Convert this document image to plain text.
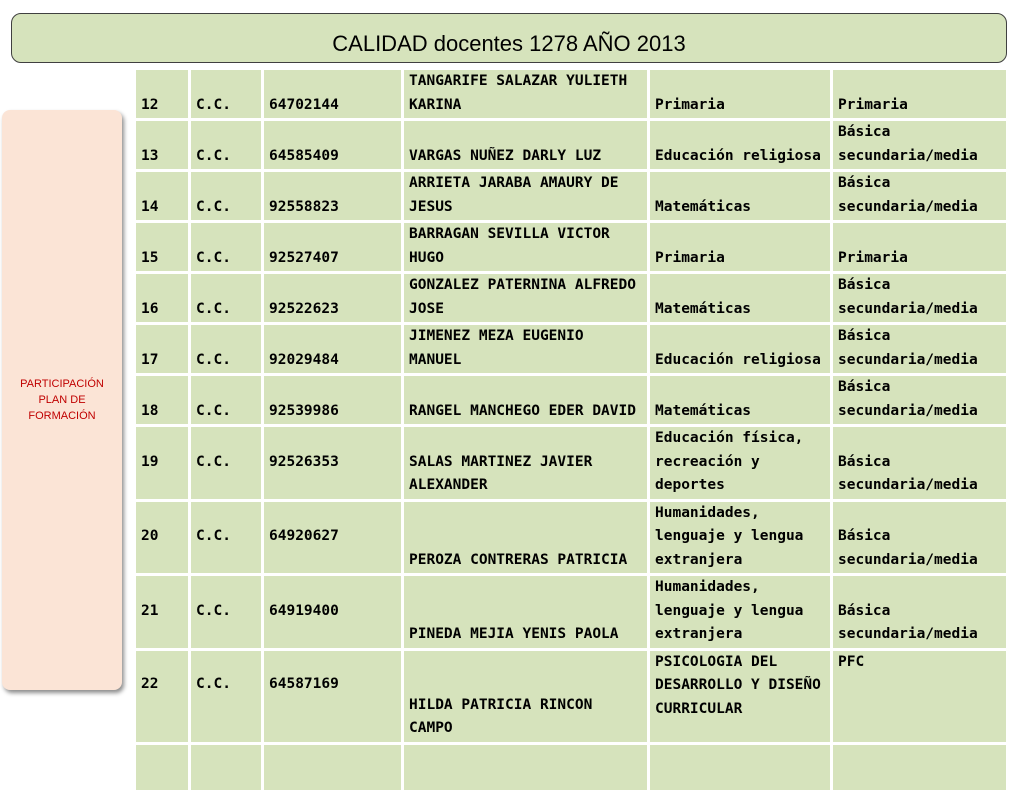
CALIDAD docentes 1278 AÑO 2013
PARTICIPACIÓN
PLAN DE
FORMACIÓN
12	C.C.	64702144	TANGARIFE SALAZAR YULIETH KARINA	Primaria	Primaria
13	C.C.	64585409	VARGAS NUÑEZ DARLY LUZ	Educación religiosa	Básica secundaria/media
14	C.C.	92558823	ARRIETA JARABA AMAURY DE JESUS	Matemáticas	Básica secundaria/media
15	C.C.	92527407	BARRAGAN SEVILLA VICTOR HUGO	Primaria	Primaria
16	C.C.	92522623	GONZALEZ PATERNINA ALFREDO JOSE	Matemáticas	Básica secundaria/media
17	C.C.	92029484	JIMENEZ MEZA EUGENIO MANUEL	Educación religiosa	Básica secundaria/media
18	C.C.	92539986	RANGEL MANCHEGO EDER DAVID	Matemáticas	Básica secundaria/media
19	C.C.	92526353	SALAS MARTINEZ JAVIER ALEXANDER	Educación física, recreación y deportes	Básica secundaria/media
20	C.C.	64920627	PEROZA CONTRERAS PATRICIA	Humanidades, lenguaje y lengua extranjera	Básica secundaria/media
21	C.C.	64919400	PINEDA MEJIA YENIS PAOLA	Humanidades, lenguaje y lengua extranjera	Básica secundaria/media
22	C.C.	64587169	HILDA PATRICIA RINCON CAMPO	PSICOLOGIA DEL DESARROLLO Y DISEÑO CURRICULAR	PFC
